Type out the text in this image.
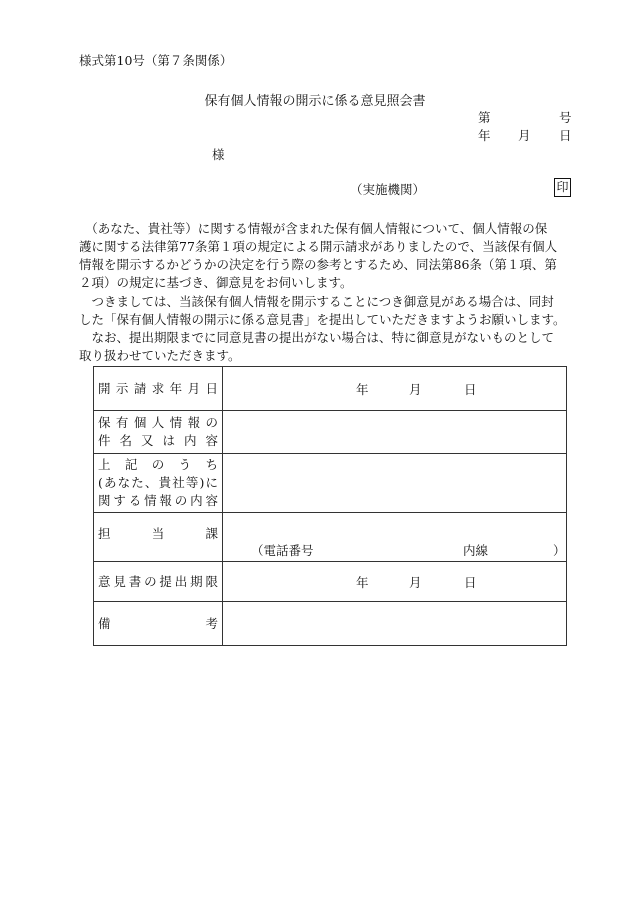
様式第10号（第７条関係）
保有個人情報の開示に係る意見照会書
第	号
年 月 日
様
（実施機関）	印
　（あなた、貴社等）に関する情報が含まれた保有個人情報について、個人情報の保
護に関する法律第77条第１項の規定による開示請求がありましたので、当該保有個人
情報を開示するかどうかの決定を行う際の参考とするため、同法第86条（第１項、第
２項）の規定に基づき、御意見をお伺いします。
　つきましては、当該保有個人情報を開示することにつき御意見がある場合は、同封
した「保有個人情報の開示に係る意見書」を提出していただきますようお願いします。
　なお、提出期限までに同意見書の提出がない場合は、特に御意見がないものとして
取り扱わせていただきます。
開示請求年月日	年 月 日

保有個人情報の
件名又は内容	

上記のうち
(あなた、貴社等)に
関する情報の内容	

担当課	（電話番号 内線 ）

意見書の提出期限	年 月 日

備考	
